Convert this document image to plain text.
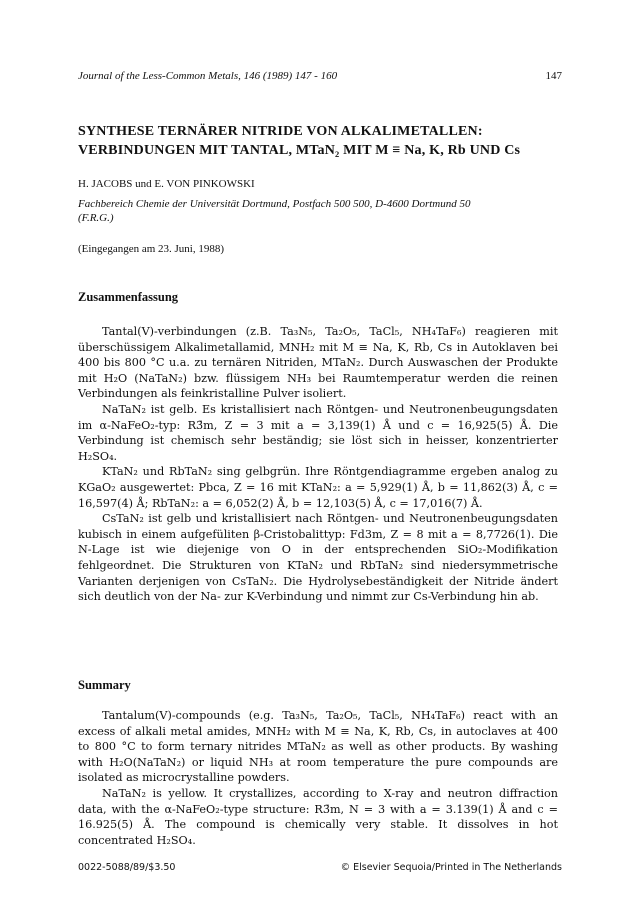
Journal of the Less-Common Metals, 146 (1989) 147 - 160	147
SYNTHESE TERNÄRER NITRIDE VON ALKALIMETALLEN:
VERBINDUNGEN MIT TANTAL, MTaN₂ MIT M ≡ Na, K, Rb UND Cs
H. JACOBS und E. VON PINKOWSKI
Fachbereich Chemie der Universität Dortmund, Postfach 500 500, D-4600 Dortmund 50
(F.R.G.)
(Eingegangen am 23. Juni, 1988)
Zusammenfassung

Tantal(V)-verbindungen (z.B. Ta₃N₅, Ta₂O₅, TaCl₅, NH₄TaF₆) reagieren mit überschüssigem Alkalimetallamid, MNH₂ mit M ≡ Na, K, Rb, Cs in Autoklaven bei 400 bis 800 °C u.a. zu ternären Nitriden, MTaN₂. Durch Auswaschen der Produkte mit H₂O (NaTaN₂) bzw. flüssigem NH₃ bei Raumtemperatur werden die reinen Verbindungen als feinkristalline Pulver isoliert.

NaTaN₂ ist gelb. Es kristallisiert nach Röntgen- und Neutronenbeugungsdaten im α-NaFeO₂-typ: R3̄m, Z = 3 mit a = 3,139(1) Å und c = 16,925(5) Å. Die Verbindung ist chemisch sehr beständig; sie löst sich in heisser, konzentrierter H₂SO₄.

KTaN₂ und RbTaN₂ sing gelbgrün. Ihre Röntgendiagramme ergeben analog zu KGaO₂ ausgewertet: Pbca, Z = 16 mit KTaN₂: a = 5,929(1) Å, b = 11,862(3) Å, c = 16,597(4) Å; RbTaN₂: a = 6,052(2) Å, b = 12,103(5) Å, c = 17,016(7) Å.

CsTaN₂ ist gelb und kristallisiert nach Röntgen- und Neutronenbeugungsdaten kubisch in einem aufgefüliten β-Cristobalittyp: Fd3m, Z = 8 mit a = 8,7726(1). Die N-Lage ist wie diejenige von O in der entsprechenden SiO₂-Modifikation fehlgeordnet. Die Strukturen von KTaN₂ und RbTaN₂ sind niedersymmetrische Varianten derjenigen von CsTaN₂. Die Hydrolysebeständigkeit der Nitride ändert sich deutlich von der Na- zur K-Verbindung und nimmt zur Cs-Verbindung hin ab.

Summary

Tantalum(V)-compounds (e.g. Ta₃N₅, Ta₂O₅, TaCl₅, NH₄TaF₆) react with an excess of alkali metal amides, MNH₂ with M ≡ Na, K, Rb, Cs, in autoclaves at 400 to 800 °C to form ternary nitrides MTaN₂ as well as other products. By washing with H₂O(NaTaN₂) or liquid NH₃ at room temperature the pure compounds are isolated as microcrystalline powders.

NaTaN₂ is yellow. It crystallizes, according to X-ray and neutron diffraction data, with the α-NaFeO₂-type structure: R3̄m, N = 3 with a = 3.139(1) Å and c = 16.925(5) Å. The compound is chemically very stable. It dissolves in hot concentrated H₂SO₄.

0022-5088/89/$3.50	© Elsevier Sequoia/Printed in The Netherlands
